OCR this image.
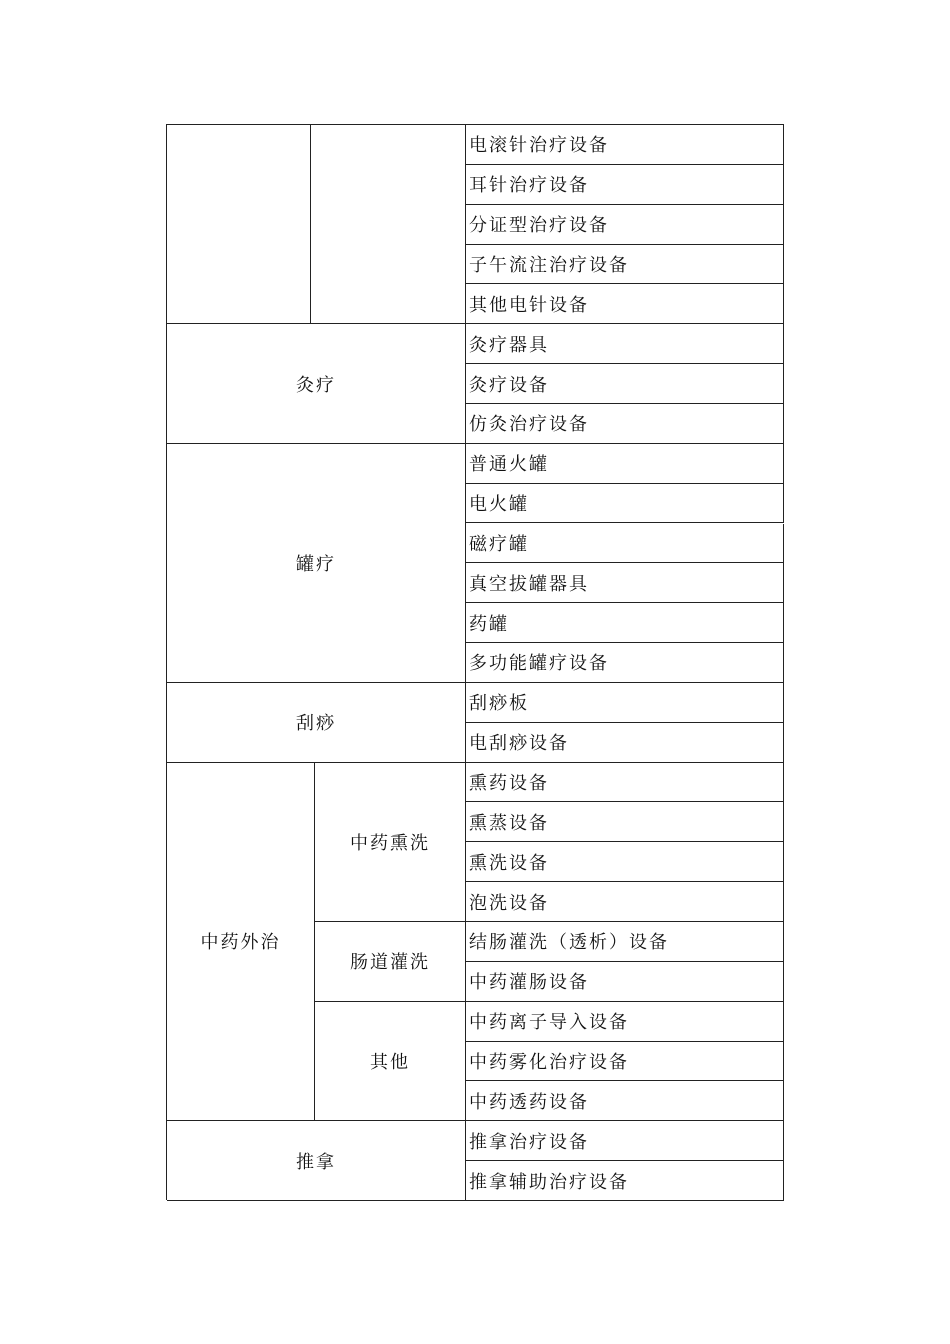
电滚针治疗设备
耳针治疗设备
分证型治疗设备
子午流注治疗设备
其他电针设备
灸疗器具
灸疗设备
仿灸治疗设备
灸疗
普通火罐
电火罐
磁疗罐
真空拔罐器具
药罐
多功能罐疗设备
罐疗
刮痧板
电刮痧设备
刮痧
熏药设备
熏蒸设备
熏洗设备
泡洗设备
中药熏洗
结肠灌洗（透析）设备
中药灌肠设备
肠道灌洗
中药离子导入设备
中药雾化治疗设备
中药透药设备
其他
中药外治
推拿治疗设备
推拿辅助治疗设备
推拿
